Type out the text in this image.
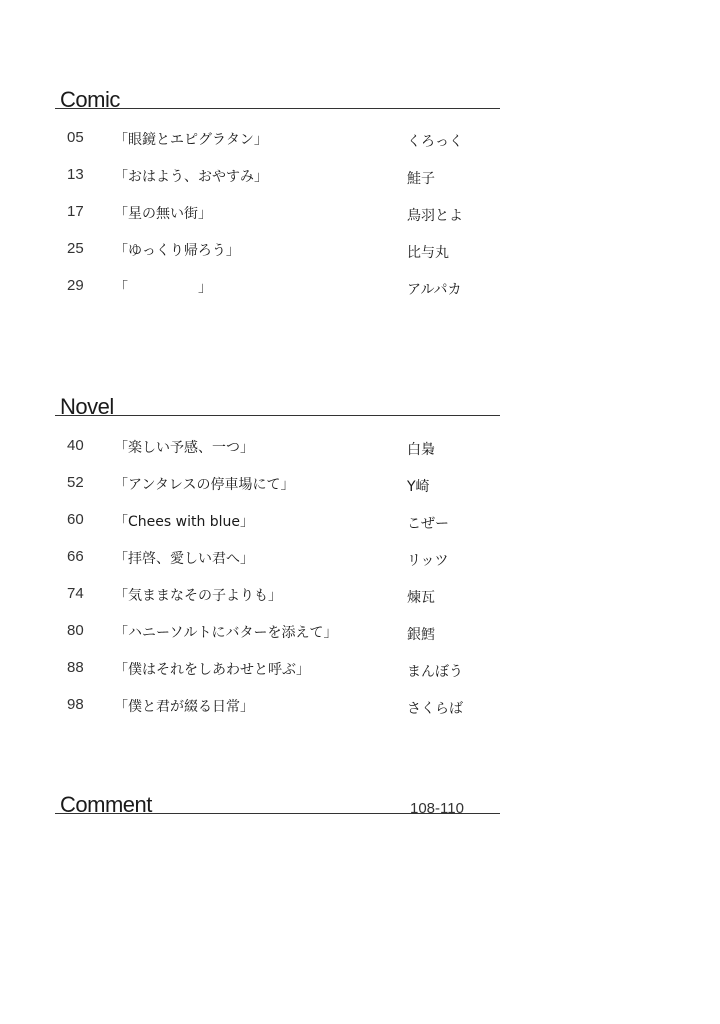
Comic
05 「眼鏡とエピグラタン」	くろっく
13 「おはよう、おやすみ」	鮭子
17 「星の無い街」	鳥羽とよ
25 「ゆっくり帰ろう」	比与丸
29 「　　　　　」	アルパカ
Novel
40 「楽しい予感、一つ」	白梟
52 「アンタレスの停車場にて」	Y崎
60 「Chees with blue」	こぜー
66 「拝啓、愛しい君へ」	リッツ
74 「気ままなその子よりも」	煉瓦
80 「ハニーソルトにバターを添えて」	銀鱈
88 「僕はそれをしあわせと呼ぶ」	まんぼう
98 「僕と君が綴る日常」	さくらば
Comment	108-110
